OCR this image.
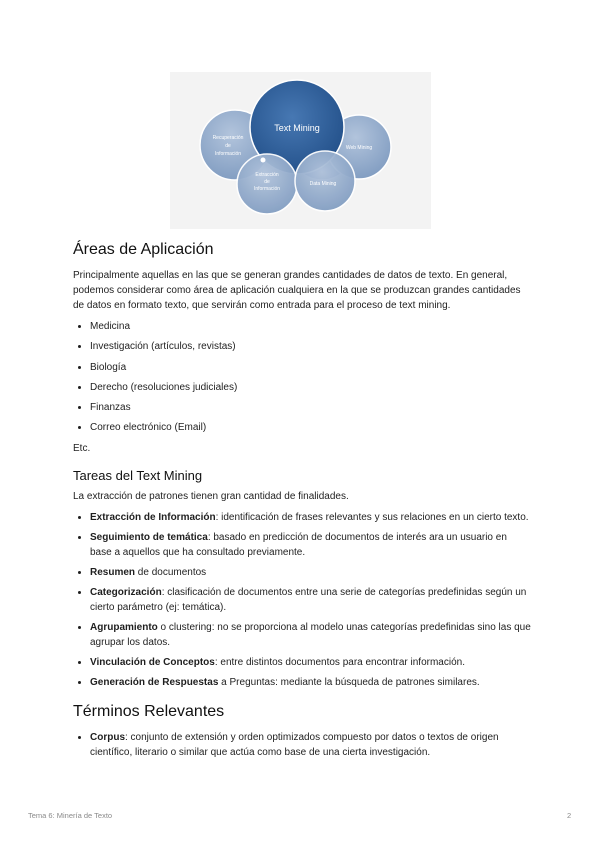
Text Mining
Recuperación
de
Información
Web Mining
Extracción
de
Información
Data Mining
Áreas de Aplicación

Principalmente aquellas en las que se generan grandes cantidades de datos de texto. En general, podemos considerar como área de aplicación cualquiera en la que se produzcan grandes cantidades de datos en formato texto, que servirán como entrada para el proceso de text mining.

• Medicina
• Investigación (artículos, revistas)
• Biología
• Derecho (resoluciones judiciales)
• Finanzas
• Correo electrónico (Email)

Etc.

Tareas del Text Mining

La extracción de patrones tienen gran cantidad de finalidades.

• Extracción de Información: identificación de frases relevantes y sus relaciones en un cierto texto.
• Seguimiento de temática: basado en predicción de documentos de interés ara un usuario en base a aquellos que ha consultado previamente.
• Resumen de documentos
• Categorización: clasificación de documentos entre una serie de categorías predefinidas según un cierto parámetro (ej: temática).
• Agrupamiento o clustering: no se proporciona al modelo unas categorías predefinidas sino las que agrupar los datos.
• Vinculación de Conceptos: entre distintos documentos para encontrar información.
• Generación de Respuestas a Preguntas: mediante la búsqueda de patrones similares.
Términos Relevantes
• Corpus: conjunto de extensión y orden optimizados compuesto por datos o textos de origen científico, literario o similar que actúa como base de una cierta investigación.
Tema 6: Minería de Texto	2
